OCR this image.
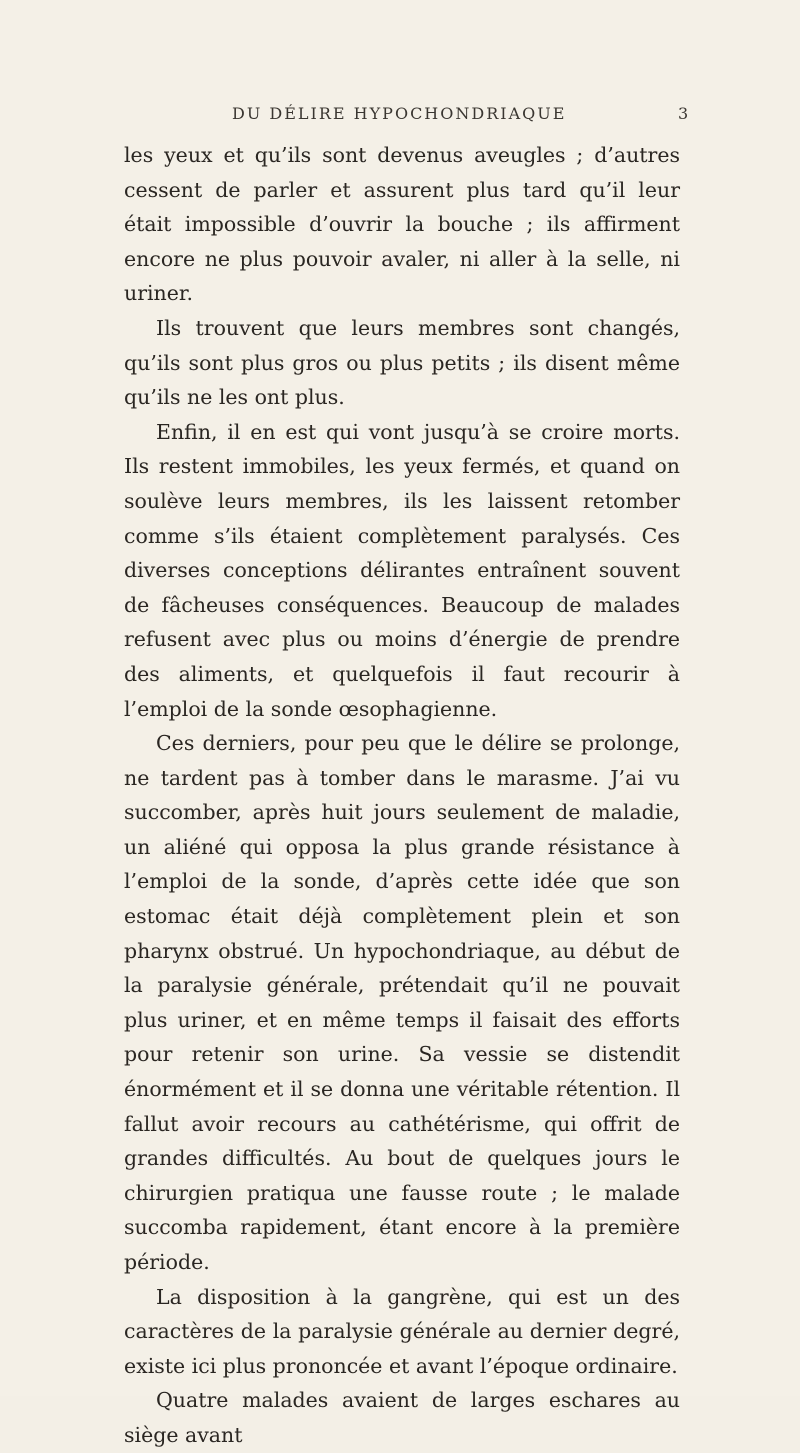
DU DÉLIRE HYPOCHONDRIAQUE	3

les yeux et qu’ils sont devenus aveugles ; d’autres cessent de parler et assurent plus tard qu’il leur était impossible d’ouvrir la bouche ; ils affirment encore ne plus pouvoir avaler, ni aller à la selle, ni uriner.

Ils trouvent que leurs membres sont changés, qu’ils sont plus gros ou plus petits ; ils disent même qu’ils ne les ont plus.

Enfin, il en est qui vont jusqu’à se croire morts. Ils restent immobiles, les yeux fermés, et quand on soulève leurs membres, ils les laissent retomber comme s’ils étaient complètement paralysés. Ces diverses conceptions délirantes entraînent souvent de fâcheuses conséquences. Beaucoup de malades refusent avec plus ou moins d’énergie de prendre des aliments, et quelquefois il faut recourir à l’emploi de la sonde œsophagienne.

Ces derniers, pour peu que le délire se prolonge, ne tardent pas à tomber dans le marasme. J’ai vu succomber, après huit jours seulement de maladie, un aliéné qui opposa la plus grande résistance à l’emploi de la sonde, d’après cette idée que son estomac était déjà complètement plein et son pharynx obstrué. Un hypochondriaque, au début de la paralysie générale, prétendait qu’il ne pouvait plus uriner, et en même temps il faisait des efforts pour retenir son urine. Sa vessie se distendit énormément et il se donna une véritable rétention. Il fallut avoir recours au cathétérisme, qui offrit de grandes difficultés. Au bout de quelques jours le chirurgien pratiqua une fausse route ; le malade succomba rapidement, étant encore à la première période.

La disposition à la gangrène, qui est un des caractères de la paralysie générale au dernier degré, existe ici plus prononcée et avant l’époque ordinaire.

Quatre malades avaient de larges eschares au siège avant
